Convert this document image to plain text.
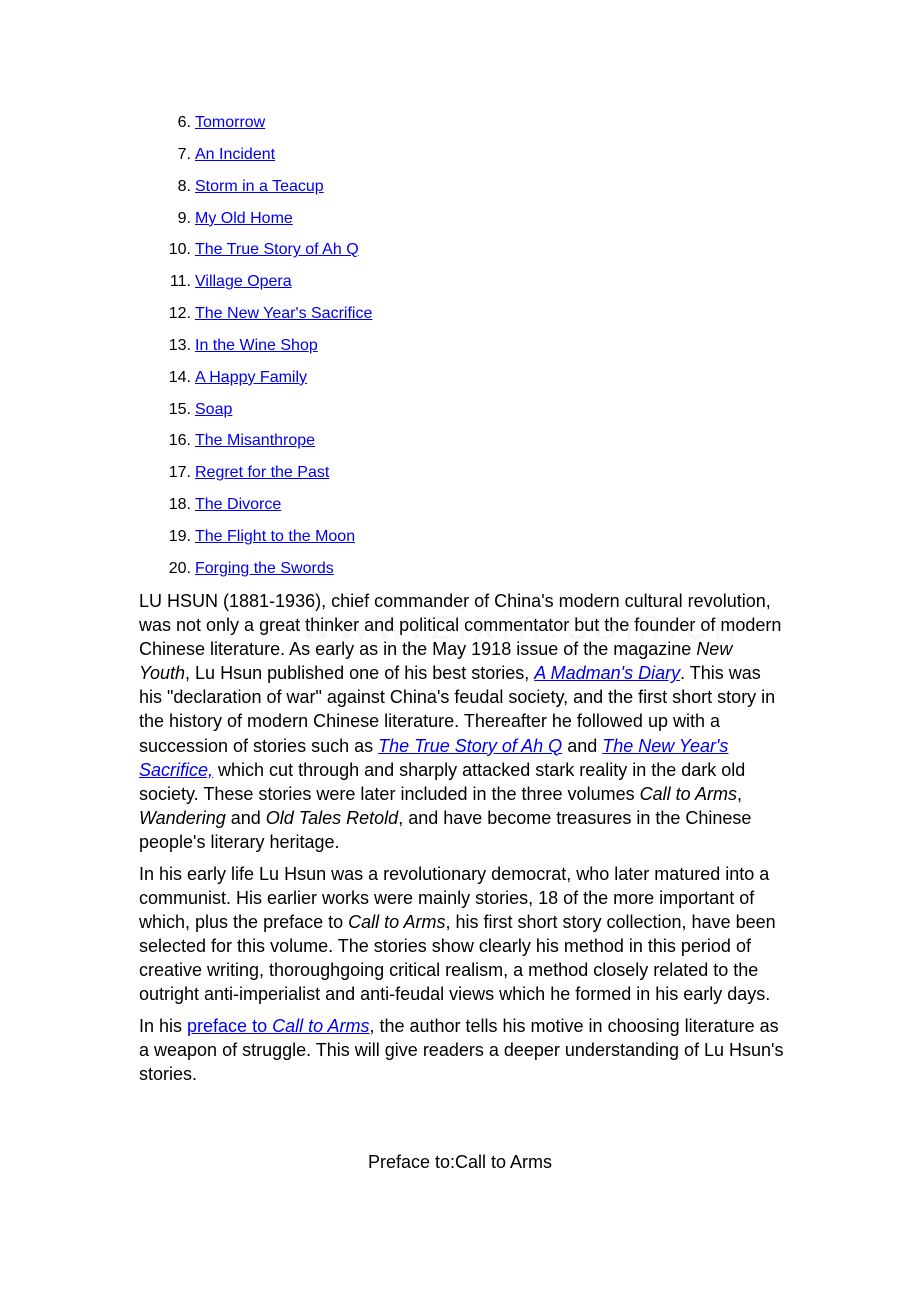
6. Tomorrow
7. An Incident
8. Storm in a Teacup
9. My Old Home
10. The True Story of Ah Q
11. Village Opera
12. The New Year's Sacrifice
13. In the Wine Shop
14. A Happy Family
15. Soap
16. The Misanthrope
17. Regret for the Past
18. The Divorce
19. The Flight to the Moon
20. Forging the Swords

LU HSUN (1881-1936), chief commander of China's modern cultural revolution, was not only a great thinker and political commentator but the founder of modern Chinese literature. As early as in the May 1918 issue of the magazine New Youth, Lu Hsun published one of his best stories, A Madman's Diary. This was his "declaration of war" against China's feudal society, and the first short story in the history of modern Chinese literature. Thereafter he followed up with a succession of stories such as The True Story of Ah Q and The New Year's Sacrifice, which cut through and sharply attacked stark reality in the dark old society. These stories were later included in the three volumes Call to Arms, Wandering and Old Tales Retold, and have become treasures in the Chinese people's literary heritage.

In his early life Lu Hsun was a revolutionary democrat, who later matured into a communist. His earlier works were mainly stories, 18 of the more important of which, plus the preface to Call to Arms, his first short story collection, have been selected for this volume. The stories show clearly his method in this period of creative writing, thoroughgoing critical realism, a method closely related to the outright anti-imperialist and anti-feudal views which he formed in his early days.

In his preface to Call to Arms, the author tells his motive in choosing literature as a weapon of struggle. This will give readers a deeper understanding of Lu Hsun's stories.

Preface to:Call to Arms
